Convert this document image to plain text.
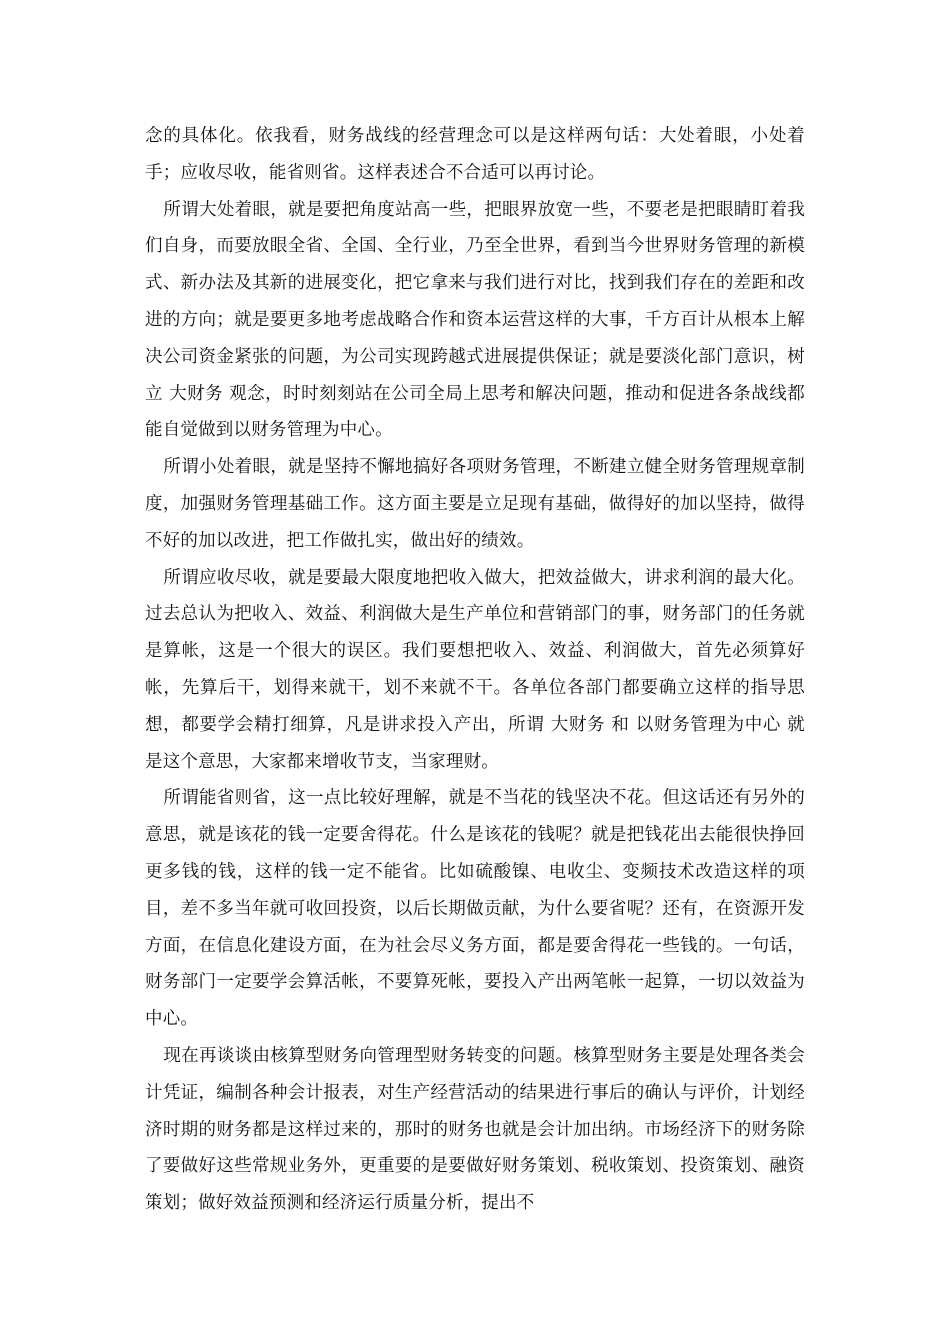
念的具体化。依我看，财务战线的经营理念可以是这样两句话：大处着眼，小处着手；应收尽收，能省则省。这样表述合不合适可以再讨论。

所谓大处着眼，就是要把角度站高一些，把眼界放宽一些，不要老是把眼睛盯着我们自身，而要放眼全省、全国、全行业，乃至全世界，看到当今世界财务管理的新模式、新办法及其新的进展变化，把它拿来与我们进行对比，找到我们存在的差距和改进的方向；就是要更多地考虑战略合作和资本运营这样的大事，千方百计从根本上解决公司资金紧张的问题，为公司实现跨越式进展提供保证；就是要淡化部门意识，树立 大财务 观念，时时刻刻站在公司全局上思考和解决问题，推动和促进各条战线都能自觉做到以财务管理为中心。

所谓小处着眼，就是坚持不懈地搞好各项财务管理，不断建立健全财务管理规章制度，加强财务管理基础工作。这方面主要是立足现有基础，做得好的加以坚持，做得不好的加以改进，把工作做扎实，做出好的绩效。

所谓应收尽收，就是要最大限度地把收入做大，把效益做大，讲求利润的最大化。过去总认为把收入、效益、利润做大是生产单位和营销部门的事，财务部门的任务就是算帐，这是一个很大的误区。我们要想把收入、效益、利润做大，首先必须算好帐，先算后干，划得来就干，划不来就不干。各单位各部门都要确立这样的指导思想，都要学会精打细算，凡是讲求投入产出，所谓 大财务 和 以财务管理为中心 就是这个意思，大家都来增收节支，当家理财。

所谓能省则省，这一点比较好理解，就是不当花的钱坚决不花。但这话还有另外的意思，就是该花的钱一定要舍得花。什么是该花的钱呢？就是把钱花出去能很快挣回更多钱的钱，这样的钱一定不能省。比如硫酸镍、电收尘、变频技术改造这样的项目，差不多当年就可收回投资，以后长期做贡献，为什么要省呢？还有，在资源开发方面，在信息化建设方面，在为社会尽义务方面，都是要舍得花一些钱的。一句话，财务部门一定要学会算活帐，不要算死帐，要投入产出两笔帐一起算，一切以效益为中心。

现在再谈谈由核算型财务向管理型财务转变的问题。核算型财务主要是处理各类会计凭证，编制各种会计报表，对生产经营活动的结果进行事后的确认与评价，计划经济时期的财务都是这样过来的，那时的财务也就是会计加出纳。市场经济下的财务除了要做好这些常规业务外，更重要的是要做好财务策划、税收策划、投资策划、融资策划；做好效益预测和经济运行质量分析，提出不
